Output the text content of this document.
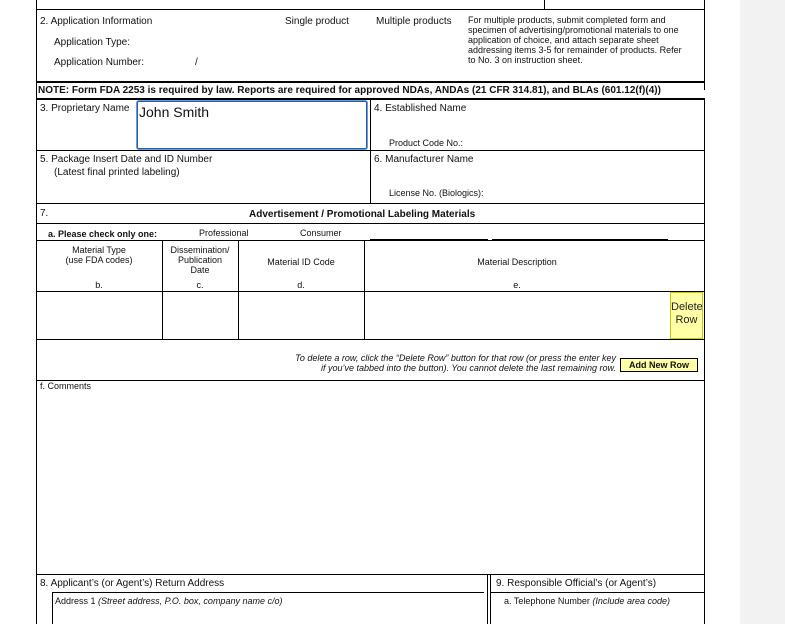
2. Application Information
Application Type:
Application Number:	/
Single product	Multiple products For multiple products, submit completed form and
specimen of advertising/promotional materials to one
application of choice, and attach separate sheet
addressing items 3-5 for remainder of products. Refer
to No. 3 on instruction sheet.
NOTE: Form FDA 2253 is required by law. Reports are required for approved NDAs, ANDAs (21 CFR 314.81), and BLAs (601.12(f)(4))
3. Proprietary Name John Smith	4. Established Name
Product Code No.:
5. Package Insert Date and ID Number
(Latest final printed labeling)
6. Manufacturer Name
License No. (Biologics):
7.	Advertisement / Promotional Labeling Materials
a. Please check only one:	Professional	Consumer
Material Type
(use FDA codes)
b.
Dissemination/
Publication
Date
c.
Material ID Code
d.
Material Description
e.
Delete
Row
To delete a row, click the “Delete Row” button for that row (or press the enter key
if you’ve tabbed into the button). You cannot delete the last remaining row.	Add New Row
f. Comments
8. Applicant’s (or Agent’s) Return Address	9. Responsible Official’s (or Agent’s)
Address 1 (Street address, P.O. box, company name c/o)	a. Telephone Number (Include area code)
